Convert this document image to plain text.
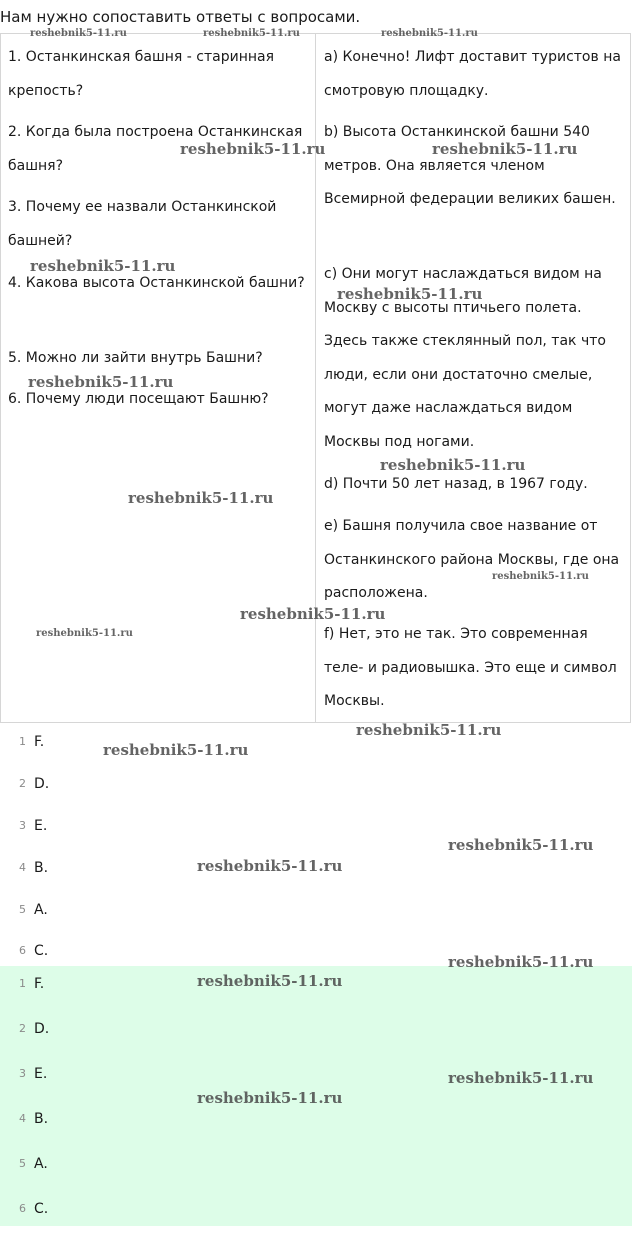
Нам нужно сопоставить ответы с вопросами.
1. Останкинская башня - старинная крепость?
2. Когда была построена Останкинская башня?
3. Почему ее назвали Останкинской башней?
4. Какова высота Останкинской башни?
5. Можно ли зайти внутрь Башни?
6. Почему люди посещают Башню?
a) Конечно! Лифт доставит туристов на смотровую площадку.
b) Высота Останкинской башни 540 метров. Она является членом Всемирной федерации великих башен.
c) Они могут наслаждаться видом на Москву с высоты птичьего полета. Здесь также стеклянный пол, так что люди, если они достаточно смелые, могут даже наслаждаться видом Москвы под ногами.
d) Почти 50 лет назад, в 1967 году.
e) Башня получила свое название от Останкинского района Москвы, где она расположена.
f) Нет, это не так. Это современная теле- и радиовышка. Это еще и символ Москвы.
1 F.
2 D.
3 E.
4 B.
5 A.
6 C.
1 F.
2 D.
3 E.
4 B.
5 A.
6 C.
reshebnik5-11.ru	reshebnik5-11.ru	reshebnik5-11.ru
reshebnik5-11.ru	reshebnik5-11.ru
reshebnik5-11.ru
reshebnik5-11.ru
reshebnik5-11.ru
reshebnik5-11.ru
reshebnik5-11.ru
reshebnik5-11.ru
reshebnik5-11.ru
reshebnik5-11.ru
reshebnik5-11.ru
reshebnik5-11.ru
reshebnik5-11.ru
reshebnik5-11.ru
reshebnik5-11.ru
reshebnik5-11.ru
reshebnik5-11.ru
reshebnik5-11.ru
